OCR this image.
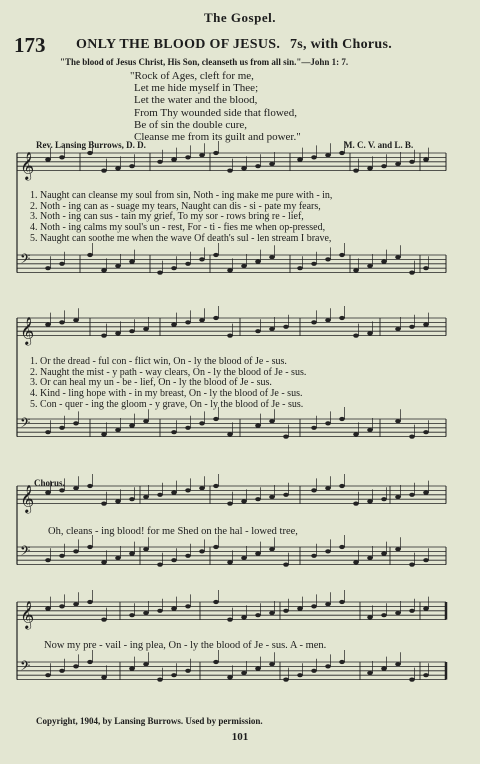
The Gospel.
173 ONLY THE BLOOD OF JESUS. 7s, with Chorus.
"The blood of Jesus Christ, His Son, cleanseth us from all sin."—John 1: 7.
"Rock of Ages, cleft for me,
Let me hide myself in Thee;
Let the water and the blood,
From Thy wounded side that flowed,
Be of sin the double cure,
Cleanse me from its guilt and power."
Rev. Lansing Burrows, D. D.	M. C. V. and L. B.
𝄞
𝄢
𝄞
𝄢
𝄞
𝄢
𝄞
𝄢
1. Naught can cleanse my soul from sin, Noth - ing make me pure with - in,
2. Noth - ing can as - suage my tears, Naught can dis - si - pate my fears,
3. Noth - ing can sus - tain my grief, To my sor - rows bring re - lief,
4. Noth - ing calms my soul's un - rest, For - ti - fies me when op-pressed,
5. Naught can soothe me when the wave Of death's sul - len stream I brave,
1. Or the dread - ful con - flict win, On - ly the blood of Je - sus.
2. Naught the mist - y path - way clears, On - ly the blood of Je - sus.
3. Or can heal my un - be - lief, On - ly the blood of Je - sus.
4. Kind - ling hope with - in my breast, On - ly the blood of Je - sus.
5. Con - quer - ing the gloom - y grave, On - ly the blood of Je - sus.
Chorus.
Oh, cleans - ing blood! for me Shed on the hal - lowed tree,
Now my pre - vail - ing plea, On - ly the blood of Je - sus. A - men.
Copyright, 1904, by Lansing Burrows. Used by permission.
101
